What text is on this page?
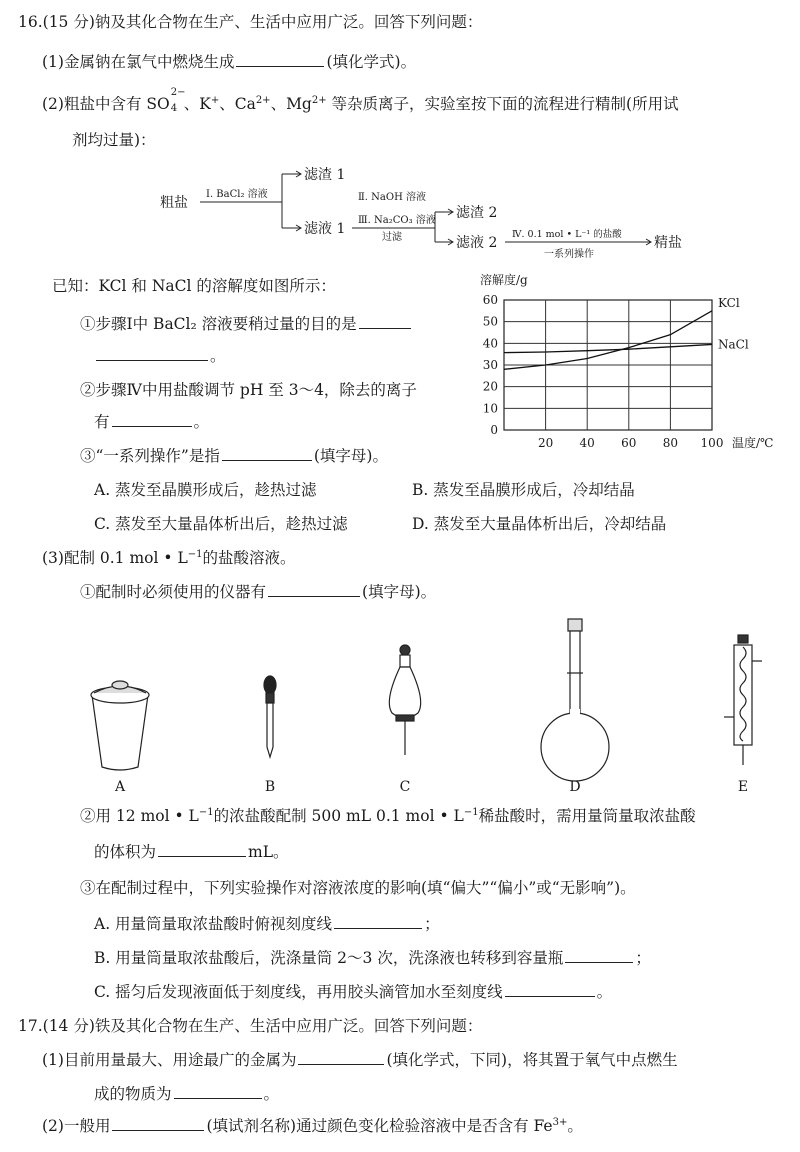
16.(15 分)钠及其化合物在生产、生活中应用广泛。回答下列问题：
(1)金属钠在氯气中燃烧生成	(填化学式)。
(2)粗盐中含有 SO
2−
4 、K+、$Ca^{2+}$、$Mg^{2+}$ 等杂质离子，实验室按下面的流程进行精制(所用试
剂均过量)：
粗盐
Ⅰ. BaCl₂ 溶液
滤渣 1
滤液 1
Ⅱ. NaOH 溶液
Ⅲ. Na₂CO₃ 溶液
过滤
滤渣 2
滤液 2
Ⅳ. 0.1 mol • L⁻¹ 的盐酸
一系列操作
精盐
已知：KCl 和 NaCl 的溶解度如图所示：
①步骤Ⅰ中 BaCl₂ 溶液要稍过量的目的是
。
②步骤Ⅳ中用盐酸调节 pH 至 3～4，除去的离子
有	。
③“一系列操作”是指	(填字母)。
KCl
NaCl
0
10
20
30
40
50
60
20 40 60 80 100
溶解度/g
温度/℃
A. 蒸发至晶膜形成后，趁热过滤	B. 蒸发至晶膜形成后，冷却结晶
C. 蒸发至大量晶体析出后，趁热过滤	D. 蒸发至大量晶体析出后，冷却结晶
(3)配制 0.1 mol • $L^{-1}$的盐酸溶液。
①配制时必须使用的仪器有	(填字母)。
A	B	C	D	E
②用 12 mol • $L^{-1}$的浓盐酸配制 500 mL 0.1 mol • $L^{-1}$稀盐酸时，需用量筒量取浓盐酸
的体积为	mL。
③在配制过程中，下列实验操作对溶液浓度的影响(填“偏大”“偏小”或“无影响”)。
A. 用量筒量取浓盐酸时俯视刻度线	；
B. 用量筒量取浓盐酸后，洗涤量筒 2～3 次，洗涤液也转移到容量瓶	；
C. 摇匀后发现液面低于刻度线，再用胶头滴管加水至刻度线	。
17.(14 分)铁及其化合物在生产、生活中应用广泛。回答下列问题：
(1)目前用量最大、用途最广的金属为	(填化学式，下同)，将其置于氧气中点燃生
成的物质为	。
(2)一般用	(填试剂名称)通过颜色变化检验溶液中是否含有 $Fe^{3+}$。
